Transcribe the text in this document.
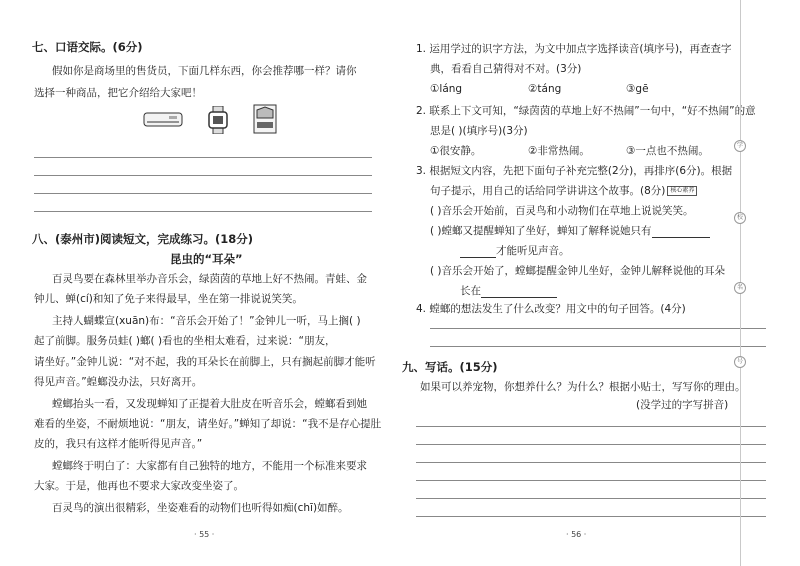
七、口语交际。(6分)
假如你是商场里的售货员，下面几样东西，你会推荐哪一样？请你
选择一种商品，把它介绍给大家吧！
八、(泰州市)阅读短文，完成练习。(18分)
昆虫的“耳朵”
百灵鸟要在森林里举办音乐会，绿茵茵的草地上好不热闹。青蛙、金
钟儿、蝉(cí)和知了免子来得最早，坐在第一排说说笑笑。
主持人蝴蝶宣(xuān)布：“音乐会开始了！”金钟儿一听，马上搁( )
起了前脚。服务员蛙( )螂( )看也的坐相太难看，过来说：“朋友，
请坐好。”金钟儿说：“对不起，我的耳朵长在前脚上，只有搁起前脚才能听
得见声音。”蝗螂没办法，只好离开。
螳螂抬头一看，又发现蝉知了正提着大肚皮在听音乐会，螳螂看到她
难看的坐姿，不耐烦地说：“朋友，请坐好。”蝉知了却说：“我不是存心提肚
皮的，我只有这样才能听得见声音。”
螳螂终于明白了：大家都有自己独特的地方，不能用一个标准来要求
大家。于是，他再也不要求大家改变坐姿了。
百灵鸟的演出很精彩，坐姿难看的动物们也听得如痴(chī)如醉。
· 55 ·
1. 运用学过的识字方法，为文中加点字选择读音(填序号)，再查查字
典，看看自己猜得对不对。(3分)
①láng	②táng	③gē
2. 联系上下文可知，“绿茵茵的草地上好不热闹”一句中，“好不热闹”的意
思是( )(填序号)(3分)
①很安静。	②非常热闹。	③一点也不热闹。
3. 根据短文内容，先把下面句子补充完整(2分)，再排序(6分)。根据
句子提示，用自己的话给同学讲讲这个故事。(8分) 核心素养
( )音乐会开始前，百灵鸟和小动物们在草地上说说笑笑。
( )螳螂又提醒蝉知了坐好，蝉知了解释说她只有
才能听见声音。
( )音乐会开始了，螳螂提醒金钟儿坐好，金钟儿解释说他的耳朵
长在
4. 螳螂的想法发生了什么改变？用文中的句子回答。(4分)
九、写话。(15分)
如果可以养宠物，你想养什么？为什么？根据小贴士，写写你的理由。
(没学过的字写拼音)
· 56 ·
学
校
名
号
